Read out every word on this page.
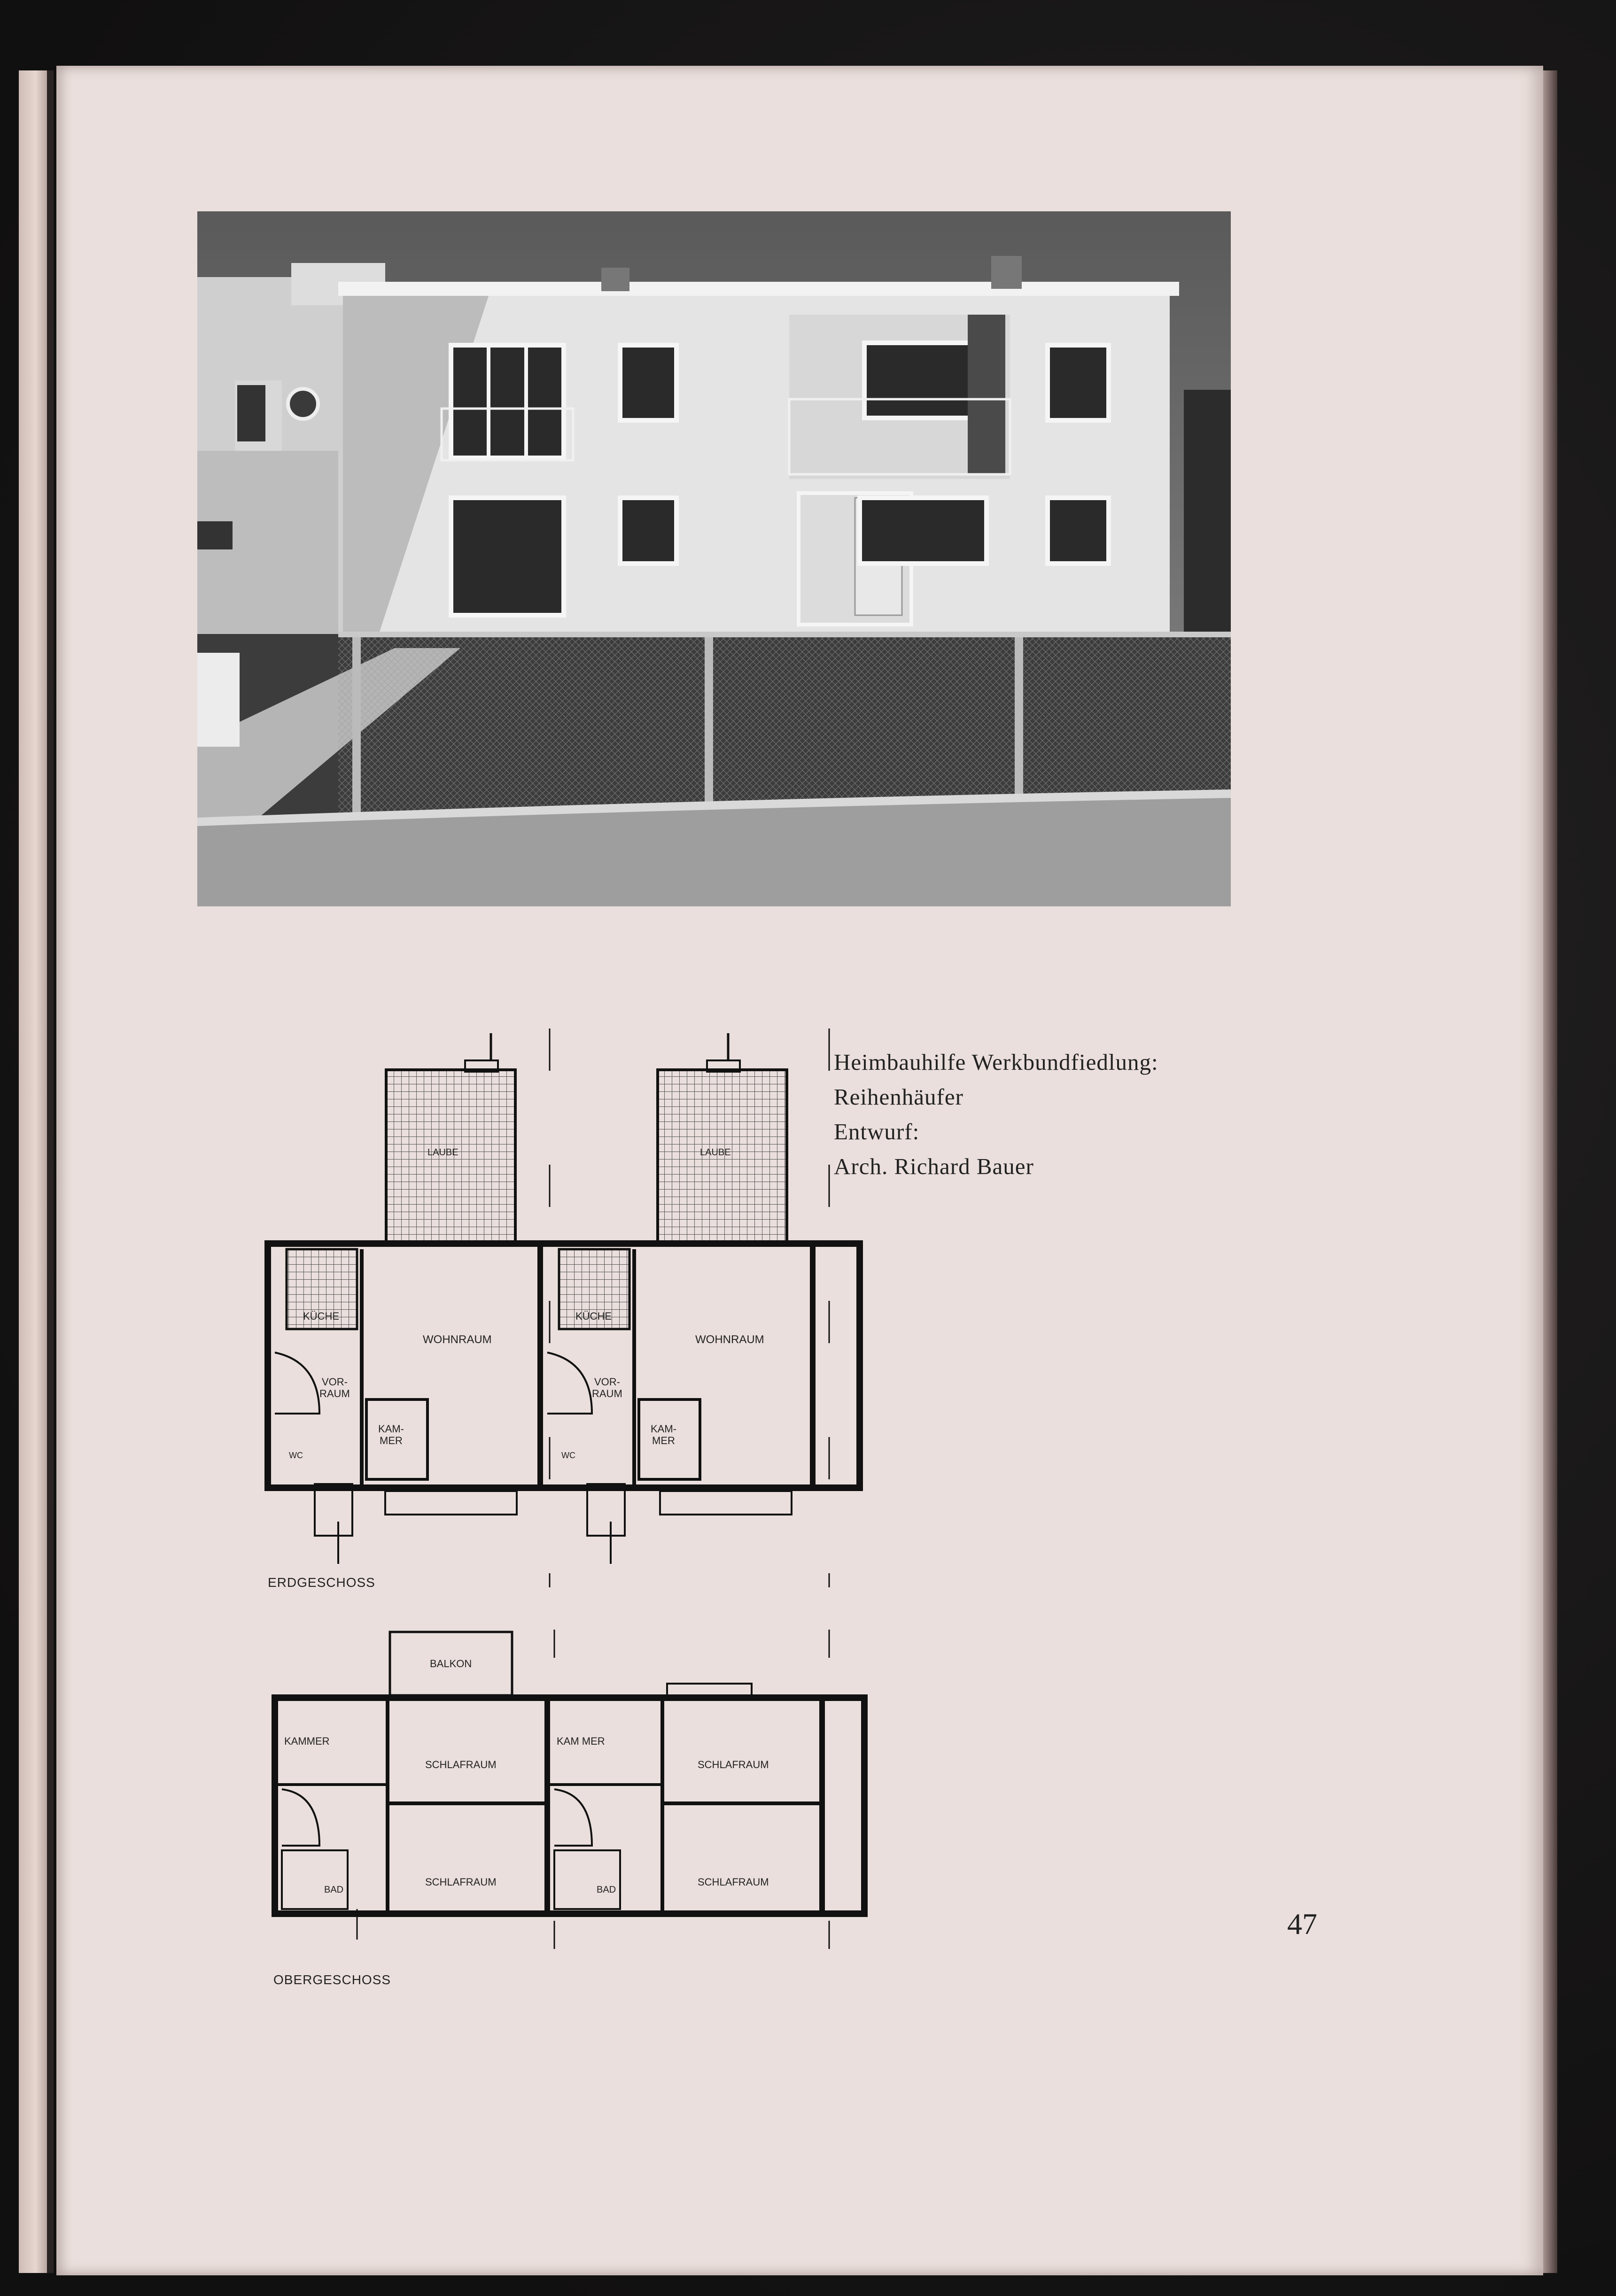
Heimbauhilfe Werkbundfiedlung:
Reihenhäufer
Entwurf:
Arch. Richard Bauer
LAUBE	LAUBE
KÜCHE	KÜCHE
WOHNRAUM	WOHNRAUM
VOR-
RAUM
VOR-
RAUM
KAM-
MER
KAM-
MER
WC	WC
ERDGESCHOSS
BALKON
KAMMER	KAM MER
SCHLAFRAUM	SCHLAFRAUM
SCHLAFRAUM	SCHLAFRAUM
BAD	BAD
OBERGESCHOSS
47
